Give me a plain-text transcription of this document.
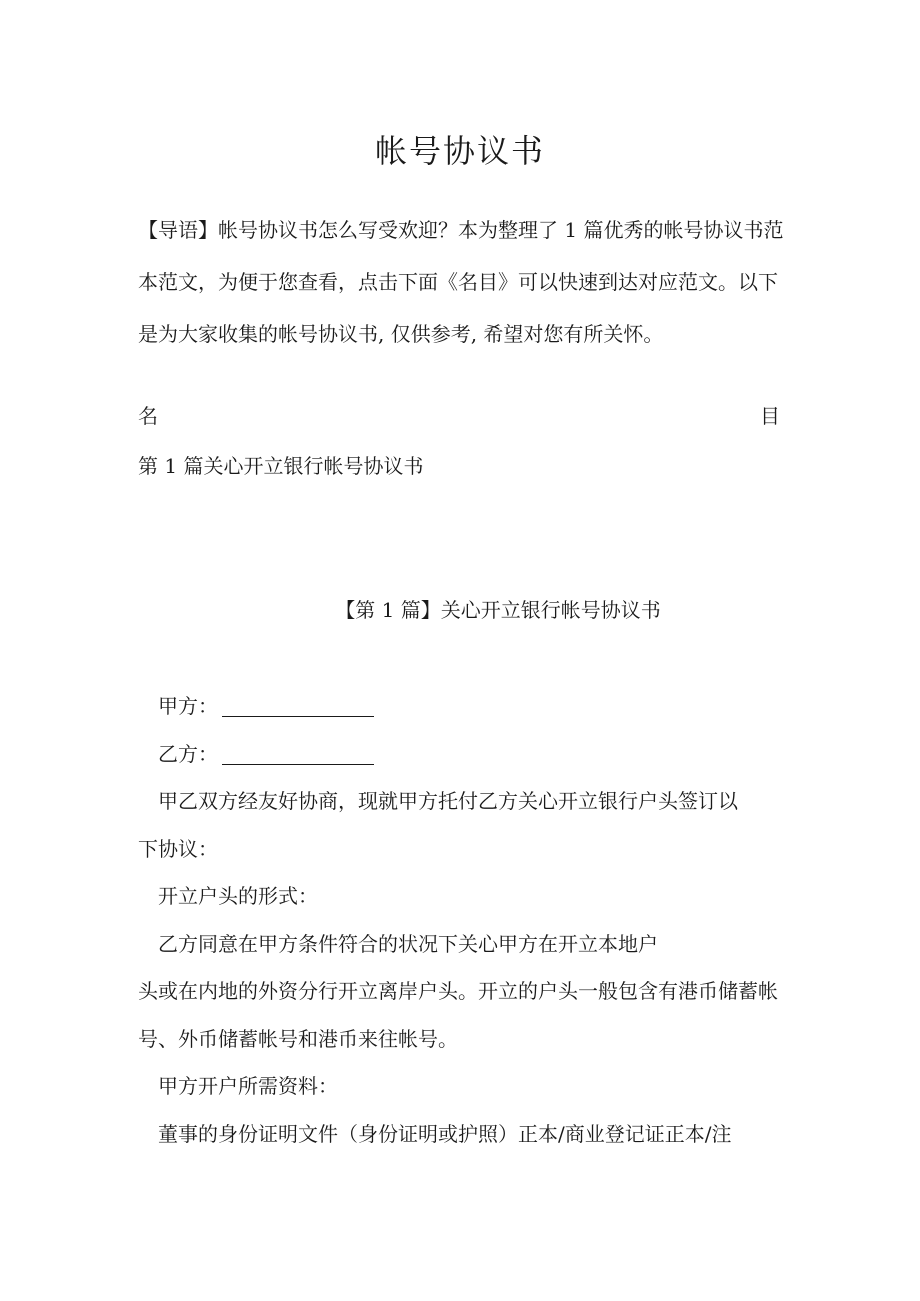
帐号协议书

【导语】帐号协议书怎么写受欢迎？本为整理了 1 篇优秀的帐号协议书范

本范文，为便于您查看，点击下面《名目》可以快速到达对应范文。以下

是为大家收集的帐号协议书, 仅供参考, 希望对您有所关怀。

名	目
第 1 篇关心开立银行帐号协议书
【第 1 篇】关心开立银行帐号协议书
甲方：
乙方：
甲乙双方经友好协商，现就甲方托付乙方关心开立银行户头签订以
下协议：
开立户头的形式：
乙方同意在甲方条件符合的状况下关心甲方在开立本地户
头或在内地的外资分行开立离岸户头。开立的户头一般包含有港币储蓄帐
号、外币储蓄帐号和港币来往帐号。
甲方开户所需资料：
董事的身份证明文件（身份证明或护照）正本/商业登记证正本/注
